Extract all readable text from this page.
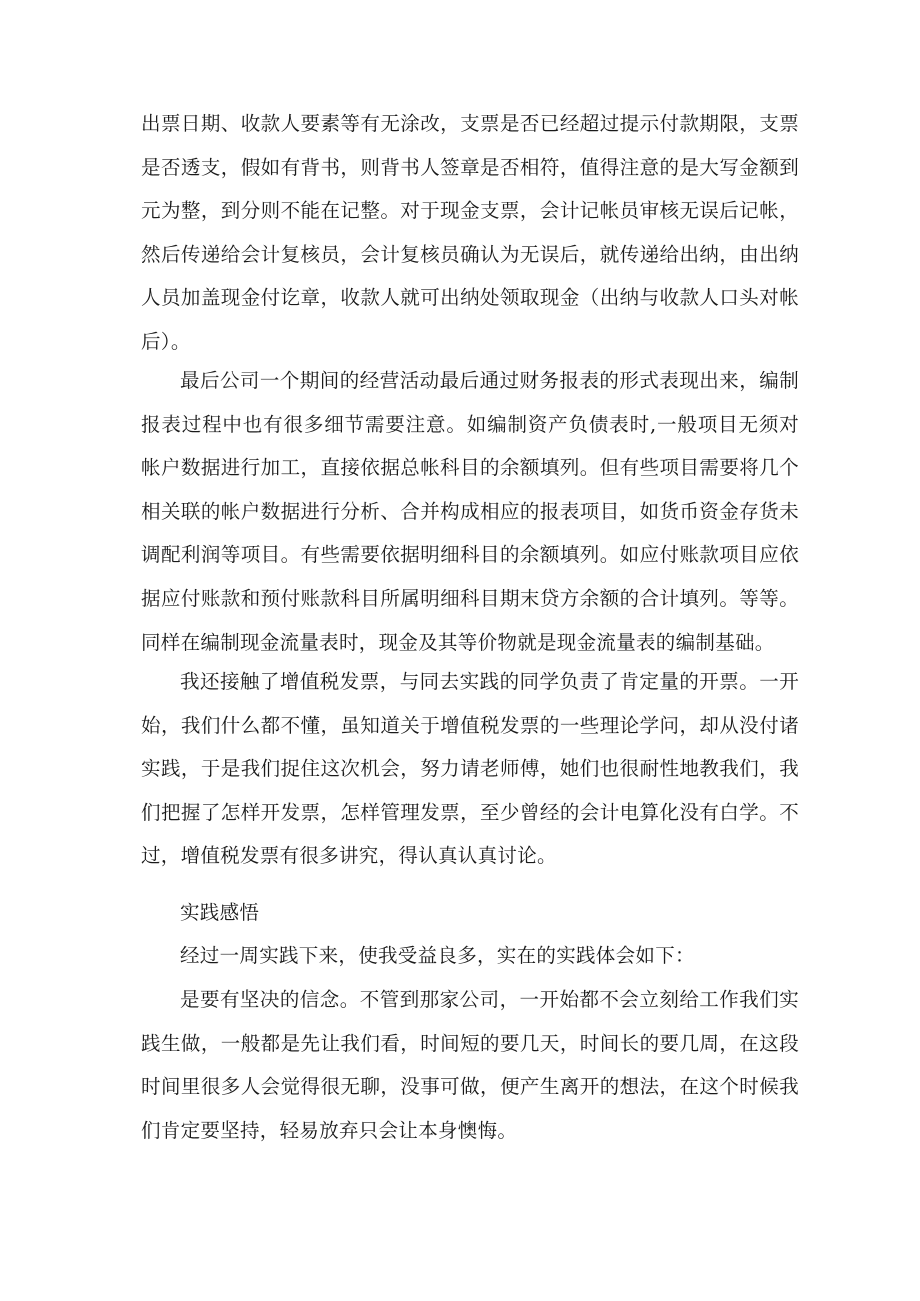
出票日期、收款人要素等有无涂改，支票是否已经超过提示付款期限，支票是否透支，假如有背书，则背书人签章是否相符，值得注意的是大写金额到元为整，到分则不能在记整。对于现金支票，会计记帐员审核无误后记帐，然后传递给会计复核员，会计复核员确认为无误后，就传递给出纳，由出纳人员加盖现金付讫章，收款人就可出纳处领取现金（出纳与收款人口头对帐后）。

最后公司一个期间的经营活动最后通过财务报表的形式表现出来，编制报表过程中也有很多细节需要注意。如编制资产负债表时,一般项目无须对帐户数据进行加工，直接依据总帐科目的余额填列。但有些项目需要将几个相关联的帐户数据进行分析、合并构成相应的报表项目，如货币资金存货未调配利润等项目。有些需要依据明细科目的余额填列。如应付账款项目应依据应付账款和预付账款科目所属明细科目期末贷方余额的合计填列。等等。同样在编制现金流量表时，现金及其等价物就是现金流量表的编制基础。

我还接触了增值税发票，与同去实践的同学负责了肯定量的开票。一开始，我们什么都不懂，虽知道关于增值税发票的一些理论学问，却从没付诸实践，于是我们捉住这次机会，努力请老师傅，她们也很耐性地教我们，我们把握了怎样开发票，怎样管理发票，至少曾经的会计电算化没有白学。不过，增值税发票有很多讲究，得认真认真讨论。

实践感悟

经过一周实践下来，使我受益良多，实在的实践体会如下：

是要有坚决的信念。不管到那家公司，一开始都不会立刻给工作我们实践生做，一般都是先让我们看，时间短的要几天，时间长的要几周，在这段时间里很多人会觉得很无聊，没事可做，便产生离开的想法，在这个时候我们肯定要坚持，轻易放弃只会让本身懊悔。
